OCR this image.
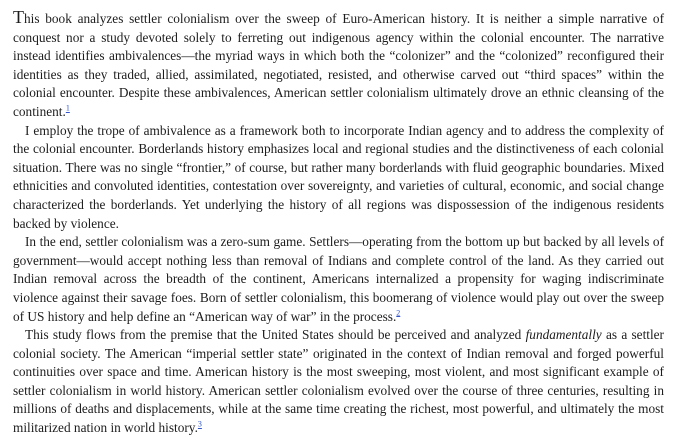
This book analyzes settler colonialism over the sweep of Euro-American history. It is neither a simple narrative of conquest nor a study devoted solely to ferreting out indigenous agency within the colonial encounter. The narrative instead identifies ambivalences—the myriad ways in which both the “colonizer” and the “colonized” reconfigured their identities as they traded, allied, assimilated, negotiated, resisted, and otherwise carved out “third spaces” within the colonial encounter. Despite these ambivalences, American settler colonialism ultimately drove an ethnic cleansing of the continent.$^1$

I employ the trope of ambivalence as a framework both to incorporate Indian agency and to address the complexity of the colonial encounter. Borderlands history emphasizes local and regional studies and the distinctiveness of each colonial situation. There was no single “frontier,” of course, but rather many borderlands with fluid geographic boundaries. Mixed ethnicities and convoluted identities, contestation over sovereignty, and varieties of cultural, economic, and social change characterized the borderlands. Yet underlying the history of all regions was dispossession of the indigenous residents backed by violence.

In the end, settler colonialism was a zero-sum game. Settlers—operating from the bottom up but backed by all levels of government—would accept nothing less than removal of Indians and complete control of the land. As they carried out Indian removal across the breadth of the continent, Americans internalized a propensity for waging indiscriminate violence against their savage foes. Born of settler colonialism, this boomerang of violence would play out over the sweep of US history and help define an “American way of war” in the process.$^2$

This study flows from the premise that the United States should be perceived and analyzed fundamentally as a settler colonial society. The American “imperial settler state” originated in the context of Indian removal and forged powerful continuities over space and time. American history is the most sweeping, most violent, and most significant example of settler colonialism in world history. American settler colonialism evolved over the course of three centuries, resulting in millions of deaths and displacements, while at the same time creating the richest, most powerful, and ultimately the most militarized nation in world history.$^3$
